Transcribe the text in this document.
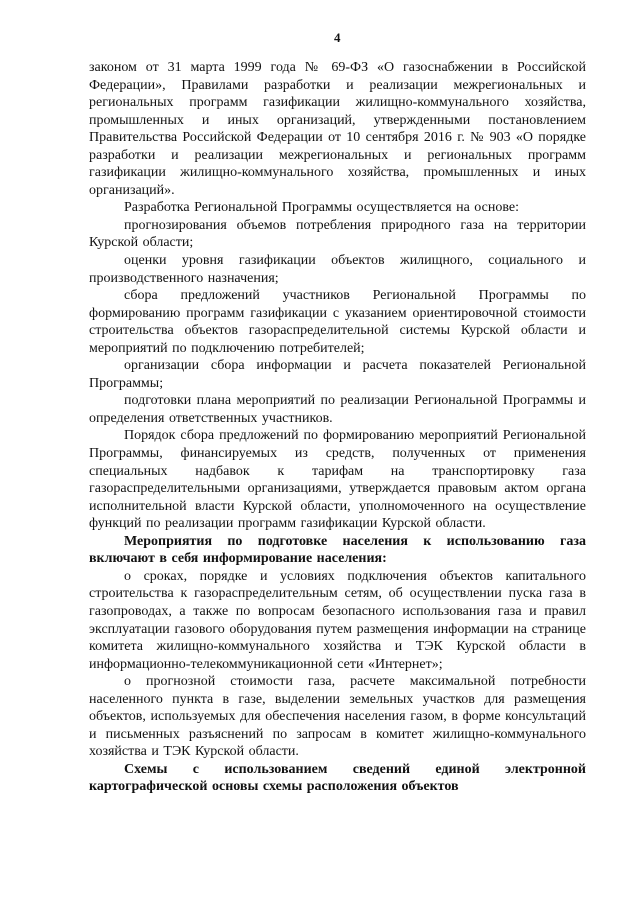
4

законом от 31 марта 1999 года № 69-ФЗ «О газоснабжении в Российской Федерации», Правилами разработки и реализации межрегиональных и региональных программ газификации жилищно-коммунального хозяйства, промышленных и иных организаций, утвержденными постановлением Правительства Российской Федерации от 10 сентября 2016 г. № 903 «О порядке разработки и реализации межрегиональных и региональных программ газификации жилищно-коммунального хозяйства, промышленных и иных организаций».

Разработка Региональной Программы осуществляется на основе:

прогнозирования объемов потребления природного газа на территории Курской области;

оценки уровня газификации объектов жилищного, социального и производственного назначения;

сбора предложений участников Региональной Программы по формированию программ газификации с указанием ориентировочной стоимости строительства объектов газораспределительной системы Курской области и мероприятий по подключению потребителей;

организации сбора информации и расчета показателей Региональной Программы;

подготовки плана мероприятий по реализации Региональной Программы и определения ответственных участников.

Порядок сбора предложений по формированию мероприятий Региональной Программы, финансируемых из средств, полученных от применения специальных надбавок к тарифам на транспортировку газа газораспределительными организациями, утверждается правовым актом органа исполнительной власти Курской области, уполномоченного на осуществление функций по реализации программ газификации Курской области.

Мероприятия по подготовке населения к использованию газа включают в себя информирование населения:

о сроках, порядке и условиях подключения объектов капитального строительства к газораспределительным сетям, об осуществлении пуска газа в газопроводах, а также по вопросам безопасного использования газа и правил эксплуатации газового оборудования путем размещения информации на странице комитета жилищно-коммунального хозяйства и ТЭК Курской области в информационно-телекоммуникационной сети «Интернет»;

о прогнозной стоимости газа, расчете максимальной потребности населенного пункта в газе, выделении земельных участков для размещения объектов, используемых для обеспечения населения газом, в форме консультаций и письменных разъяснений по запросам в комитет жилищно-коммунального хозяйства и ТЭК Курской области.

Схемы с использованием сведений единой электронной картографической основы схемы расположения объектов
